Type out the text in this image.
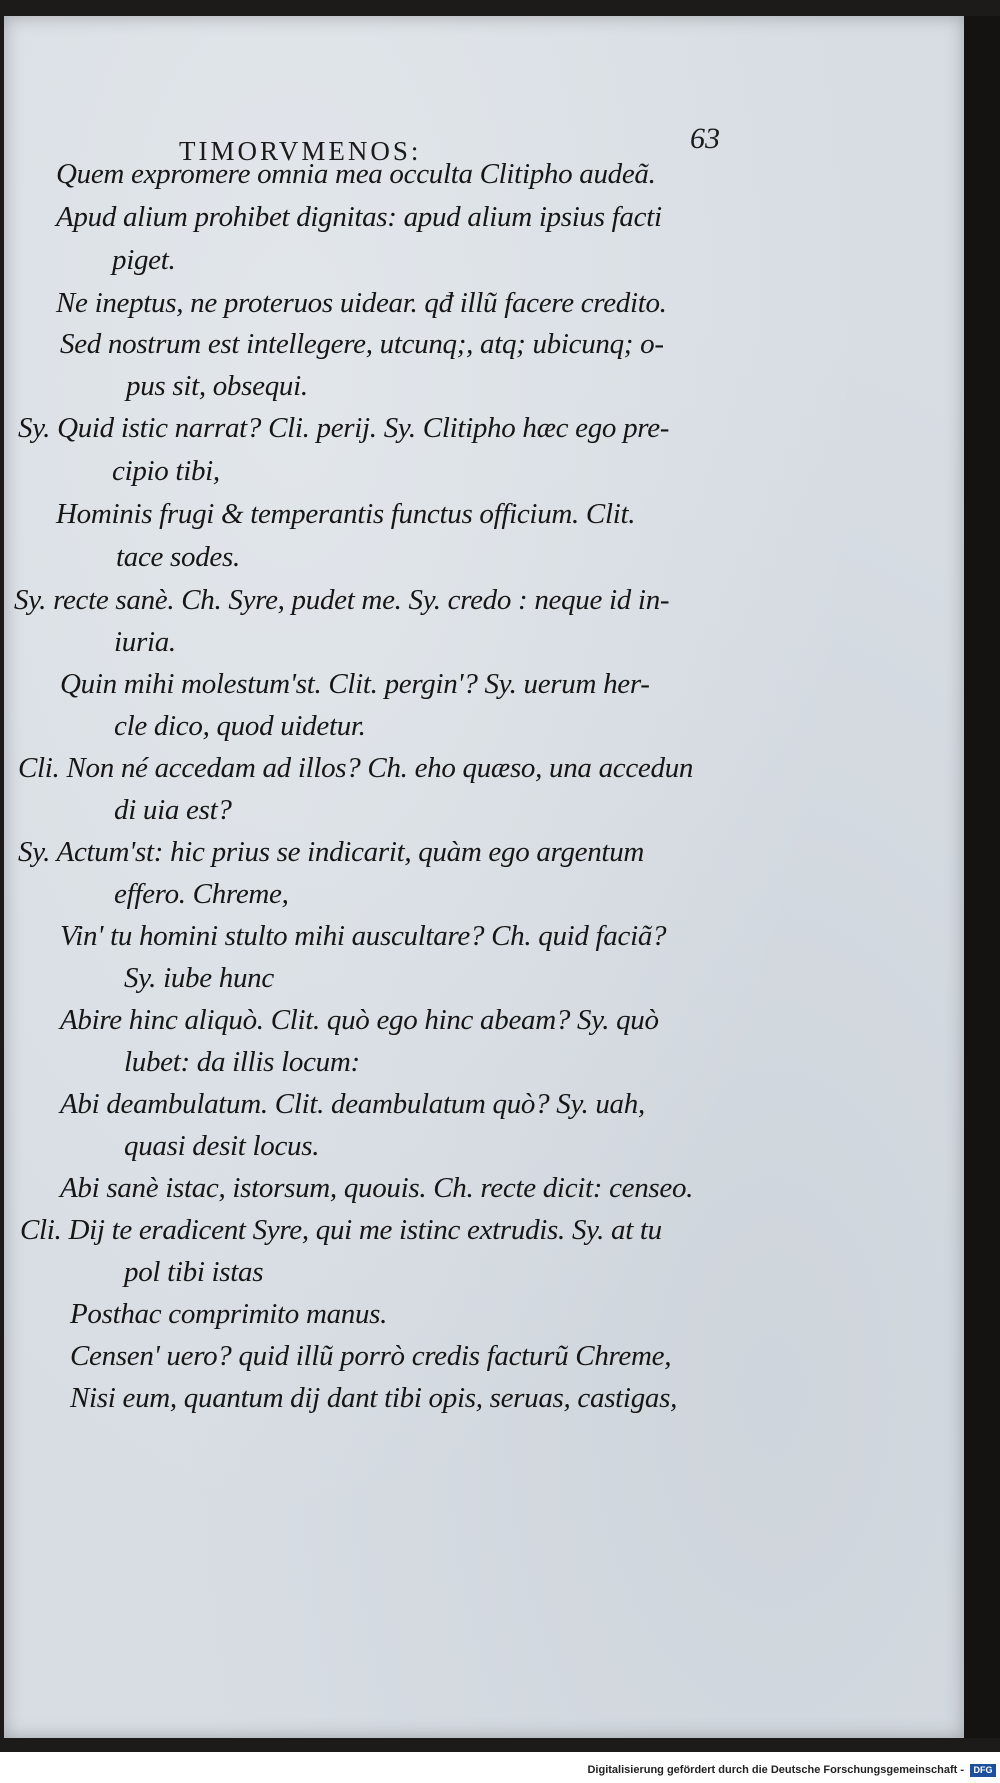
TIMORVMENOS:	63
Quem expromere omnia mea occulta Clitipho audeã.
Apud alium prohibet dignitas: apud alium ipsius facti
piget.
Ne ineptus, ne proteruos uidear. qđ illũ facere credito.
Sed nostrum est intellegere, utcunq;, atq; ubicunq; o-
pus sit, obsequi.
Sy. Quid istic narrat? Cli. perij. Sy. Clitipho hæc ego pre-
cipio tibi,
Hominis frugi & temperantis functus officium. Clit.
tace sodes.
Sy. recte sanè. Ch. Syre, pudet me. Sy. credo : neque id in-
iuria.
Quin mihi molestum'st. Clit. pergin'? Sy. uerum her-
cle dico, quod uidetur.
Cli. Non né accedam ad illos? Ch. eho quæso, una accedun
di uia est?
Sy. Actum'st: hic prius se indicarit, quàm ego argentum
effero. Chreme,
Vin' tu homini stulto mihi auscultare? Ch. quid faciã?
Sy. iube hunc
Abire hinc aliquò. Clit. quò ego hinc abeam? Sy. quò
lubet: da illis locum:
Abi deambulatum. Clit. deambulatum quò? Sy. uah,
quasi desit locus.
Abi sanè istac, istorsum, quouis. Ch. recte dicit: censeo.
Cli. Dij te eradicent Syre, qui me istinc extrudis. Sy. at tu
pol tibi istas
Posthac comprimito manus.
Censen' uero? quid illũ porrò credis facturũ Chreme,
Nisi eum, quantum dij dant tibi opis, seruas, castigas,
Digitalisierung gefördert durch die Deutsche Forschungsgemeinschaft -	DFG
